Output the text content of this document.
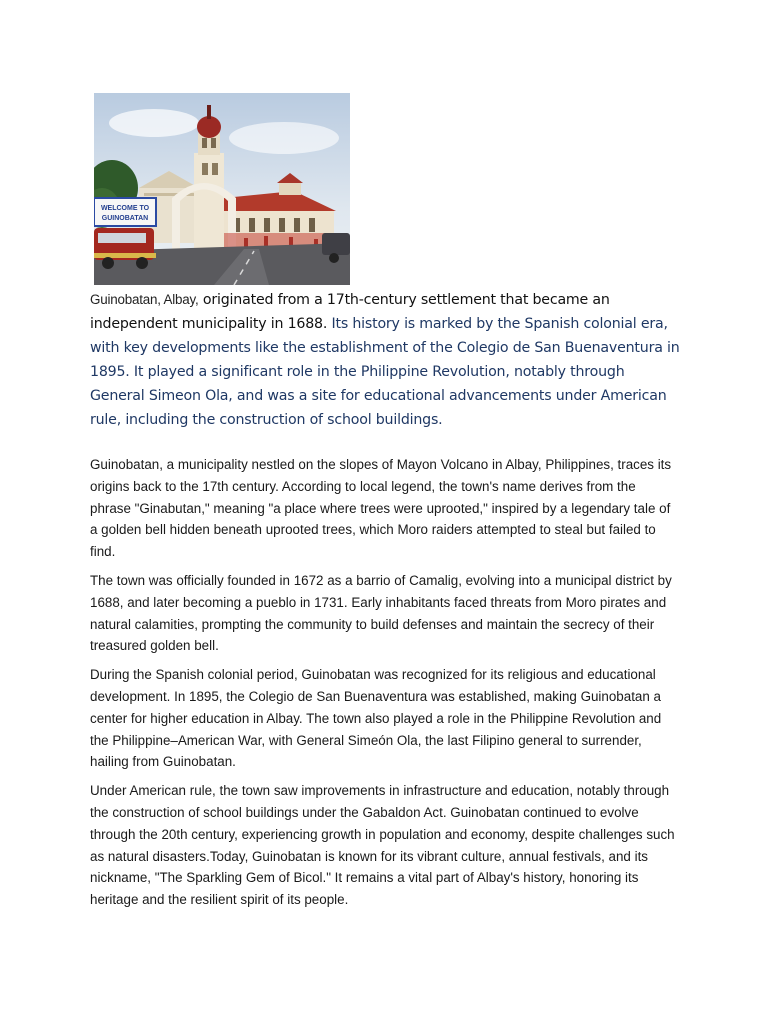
WELCOME TO
GUINOBATAN

Guinobatan, Albay, originated from a 17th-century settlement that became an independent municipality in 1688. Its history is marked by the Spanish colonial era, with key developments like the establishment of the Colegio de San Buenaventura in 1895. It played a significant role in the Philippine Revolution, notably through General Simeon Ola, and was a site for educational advancements under American rule, including the construction of school buildings.

Guinobatan, a municipality nestled on the slopes of Mayon Volcano in Albay, Philippines, traces its origins back to the 17th century. According to local legend, the town's name derives from the phrase "Ginabutan," meaning "a place where trees were uprooted," inspired by a legendary tale of a golden bell hidden beneath uprooted trees, which Moro raiders attempted to steal but failed to find.

The town was officially founded in 1672 as a barrio of Camalig, evolving into a municipal district by 1688, and later becoming a pueblo in 1731. Early inhabitants faced threats from Moro pirates and natural calamities, prompting the community to build defenses and maintain the secrecy of their treasured golden bell.

During the Spanish colonial period, Guinobatan was recognized for its religious and educational development. In 1895, the Colegio de San Buenaventura was established, making Guinobatan a center for higher education in Albay. The town also played a role in the Philippine Revolution and the Philippine–American War, with General Simeón Ola, the last Filipino general to surrender, hailing from Guinobatan.

Under American rule, the town saw improvements in infrastructure and education, notably through the construction of school buildings under the Gabaldon Act. Guinobatan continued to evolve through the 20th century, experiencing growth in population and economy, despite challenges such as natural disasters.Today, Guinobatan is known for its vibrant culture, annual festivals, and its nickname, "The Sparkling Gem of Bicol." It remains a vital part of Albay's history, honoring its heritage and the resilient spirit of its people.
